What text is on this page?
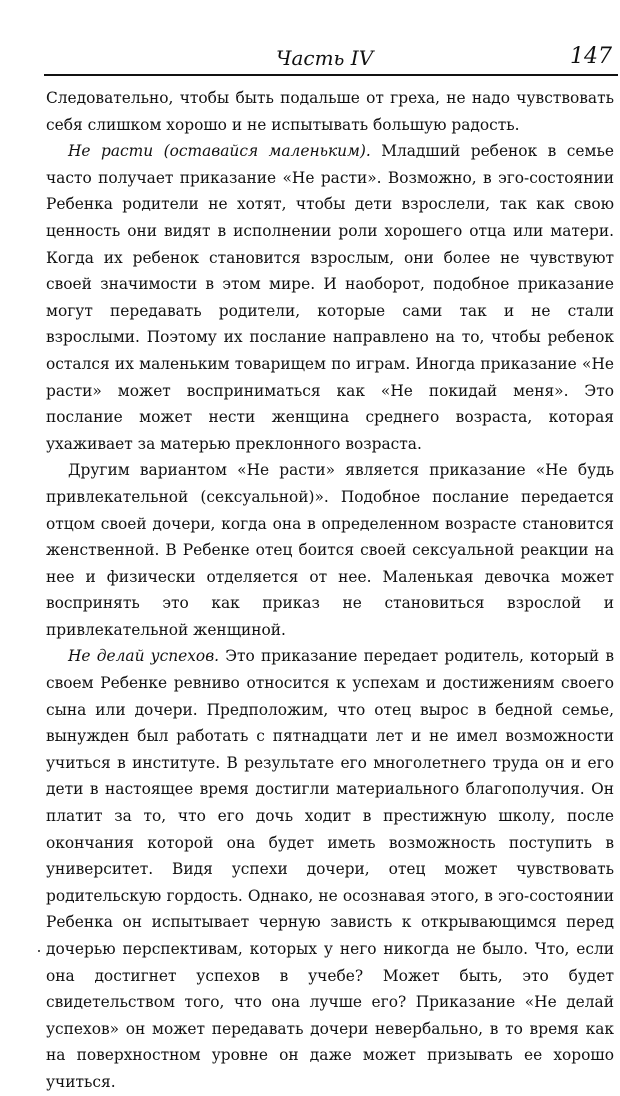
Часть IV	147

Следовательно, чтобы быть подальше от греха, не надо чувствовать себя слишком хорошо и не испытывать большую радость.

Не расти (оставайся маленьким). Младший ребенок в семье часто получает приказание «Не расти». Возможно, в эго-состоянии Ребенка родители не хотят, чтобы дети взрослели, так как свою ценность они видят в исполнении роли хорошего отца или матери. Когда их ребенок становится взрослым, они более не чувствуют своей значимости в этом мире. И наоборот, подобное приказание могут передавать родители, которые сами так и не стали взрослыми. Поэтому их послание направлено на то, чтобы ребенок остался их маленьким товарищем по играм. Иногда приказание «Не расти» может восприниматься как «Не покидай меня». Это послание может нести женщина среднего возраста, которая ухаживает за матерью преклонного возраста.

Другим вариантом «Не расти» является приказание «Не будь привлекательной (сексуальной)». Подобное послание передается отцом своей дочери, когда она в определенном возрасте становится женственной. В Ребенке отец боится своей сексуальной реакции на нее и физически отделяется от нее. Маленькая девочка может воспринять это как приказ не становиться взрослой и привлекательной женщиной.

Не делай успехов. Это приказание передает родитель, который в своем Ребенке ревниво относится к успехам и достижениям своего сына или дочери. Предположим, что отец вырос в бедной семье, вынужден был работать с пятнадцати лет и не имел возможности учиться в институте. В результате его многолетнего труда он и его дети в настоящее время достигли материального благополучия. Он платит за то, что его дочь ходит в престижную школу, после окончания которой она будет иметь возможность поступить в университет. Видя успехи дочери, отец может чувствовать родительскую гордость. Однако, не осознавая этого, в эго-состоянии Ребенка он испытывает черную зависть к открывающимся перед дочерью перспективам, которых у него никогда не было. Что, если она достигнет успехов в учебе? Может быть, это будет свидетельством того, что она лучше его? Приказание «Не делай успехов» он может передавать дочери невербально, в то время как на поверхностном уровне он даже может призывать ее хорошо учиться.
